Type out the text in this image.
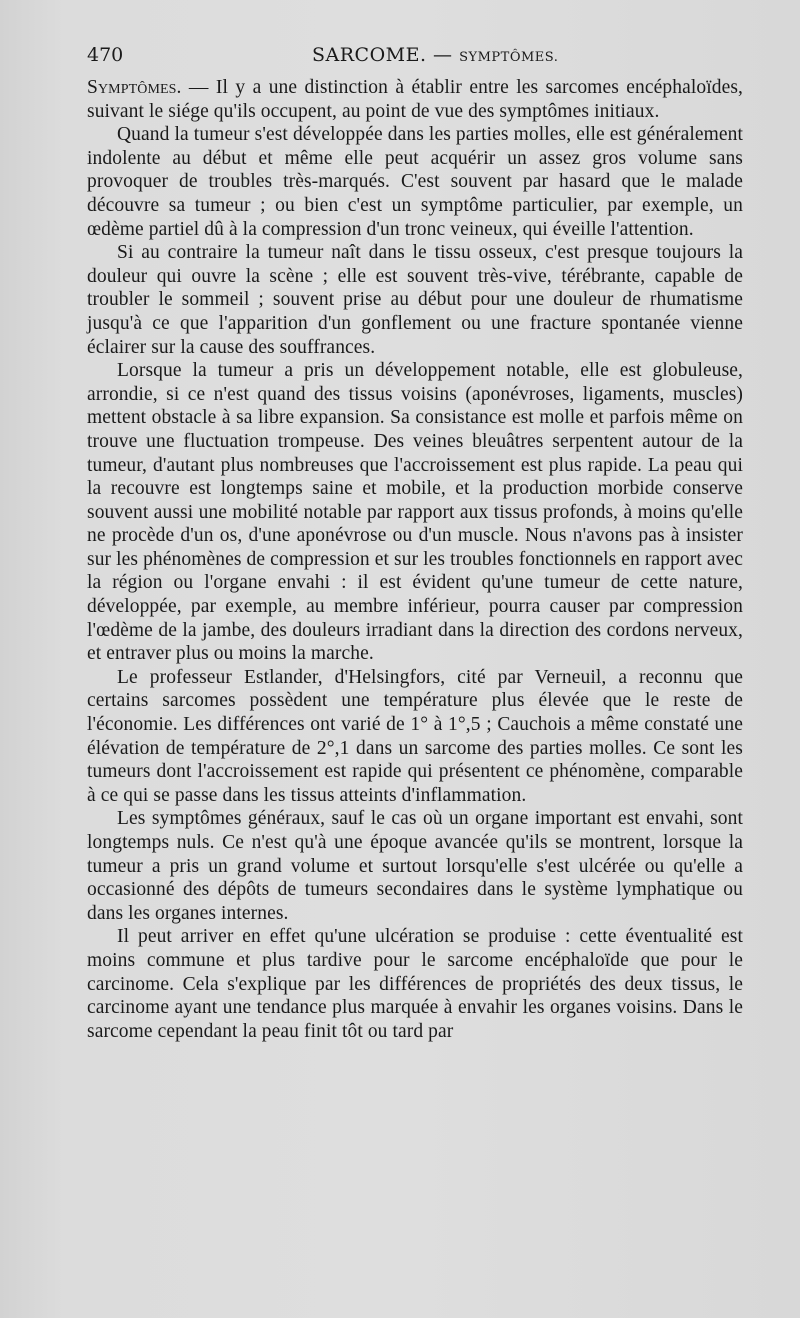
470	SARCOME. — SYMPTÔMES.

Symptômes. — Il y a une distinction à établir entre les sarcomes encéphaloïdes, suivant le siége qu'ils occupent, au point de vue des symptômes initiaux.

Quand la tumeur s'est développée dans les parties molles, elle est généralement indolente au début et même elle peut acquérir un assez gros volume sans provoquer de troubles très-marqués. C'est souvent par hasard que le malade découvre sa tumeur ; ou bien c'est un symptôme particulier, par exemple, un œdème partiel dû à la compression d'un tronc veineux, qui éveille l'attention.

Si au contraire la tumeur naît dans le tissu osseux, c'est presque toujours la douleur qui ouvre la scène ; elle est souvent très-vive, térébrante, capable de troubler le sommeil ; souvent prise au début pour une douleur de rhumatisme jusqu'à ce que l'apparition d'un gonflement ou une fracture spontanée vienne éclairer sur la cause des souffrances.

Lorsque la tumeur a pris un développement notable, elle est globuleuse, arrondie, si ce n'est quand des tissus voisins (aponévroses, ligaments, muscles) mettent obstacle à sa libre expansion. Sa consistance est molle et parfois même on trouve une fluctuation trompeuse. Des veines bleuâtres serpentent autour de la tumeur, d'autant plus nombreuses que l'accroissement est plus rapide. La peau qui la recouvre est longtemps saine et mobile, et la production morbide conserve souvent aussi une mobilité notable par rapport aux tissus profonds, à moins qu'elle ne procède d'un os, d'une aponévrose ou d'un muscle. Nous n'avons pas à insister sur les phénomènes de compression et sur les troubles fonctionnels en rapport avec la région ou l'organe envahi : il est évident qu'une tumeur de cette nature, développée, par exemple, au membre inférieur, pourra causer par compression l'œdème de la jambe, des douleurs irradiant dans la direction des cordons nerveux, et entraver plus ou moins la marche.

Le professeur Estlander, d'Helsingfors, cité par Verneuil, a reconnu que certains sarcomes possèdent une température plus élevée que le reste de l'économie. Les différences ont varié de 1° à 1°,5 ; Cauchois a même constaté une élévation de température de 2°,1 dans un sarcome des parties molles. Ce sont les tumeurs dont l'accroissement est rapide qui présentent ce phénomène, comparable à ce qui se passe dans les tissus atteints d'inflammation.

Les symptômes généraux, sauf le cas où un organe important est envahi, sont longtemps nuls. Ce n'est qu'à une époque avancée qu'ils se montrent, lorsque la tumeur a pris un grand volume et surtout lorsqu'elle s'est ulcérée ou qu'elle a occasionné des dépôts de tumeurs secondaires dans le système lymphatique ou dans les organes internes.

Il peut arriver en effet qu'une ulcération se produise : cette éventualité est moins commune et plus tardive pour le sarcome encéphaloïde que pour le carcinome. Cela s'explique par les différences de propriétés des deux tissus, le carcinome ayant une tendance plus marquée à envahir les organes voisins. Dans le sarcome cependant la peau finit tôt ou tard par
